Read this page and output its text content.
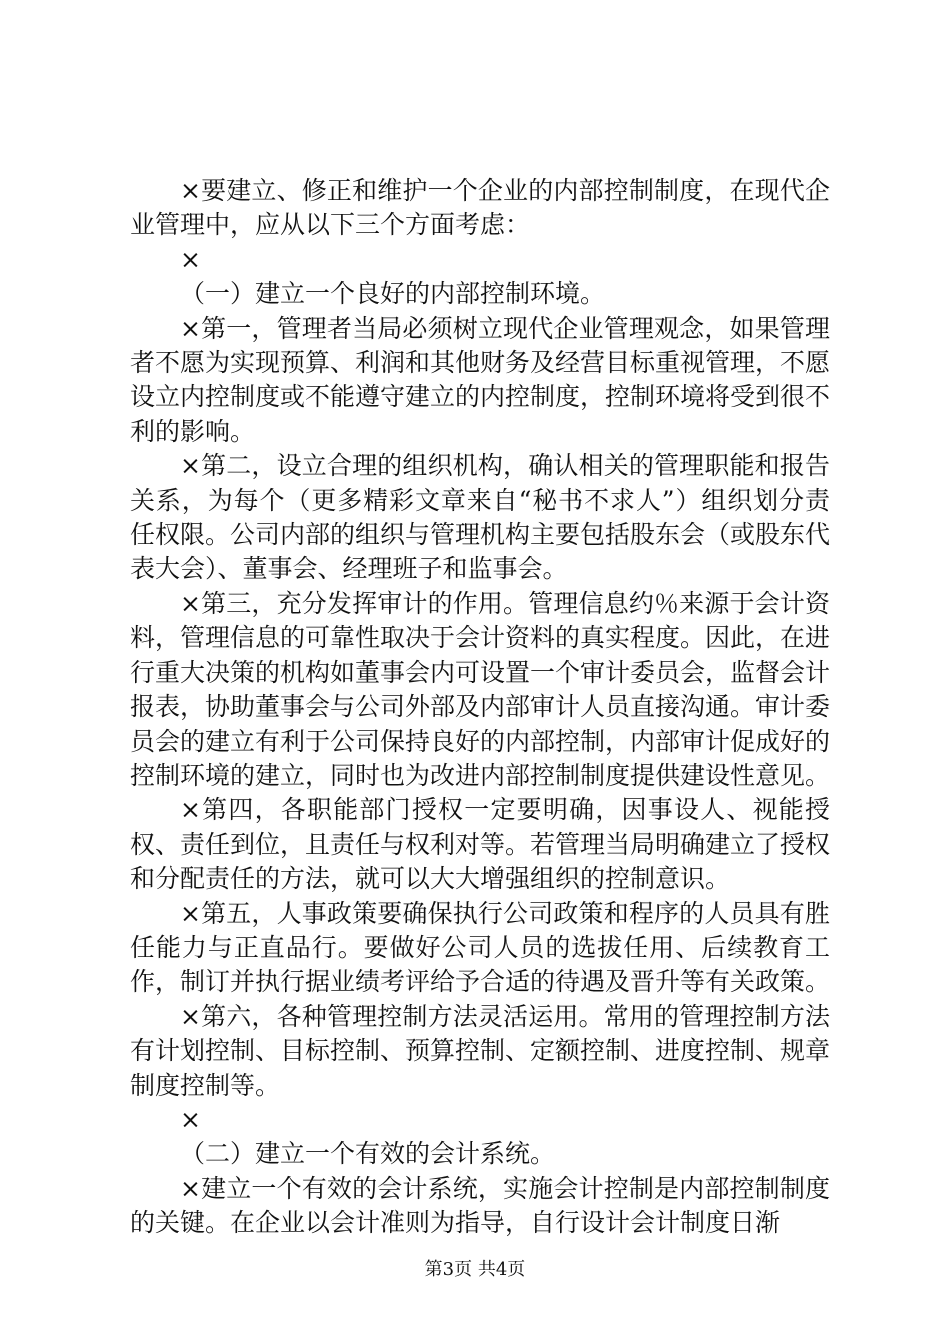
×要建立、修正和维护一个企业的内部控制制度，在现代企业管理中，应从以下三个方面考虑：

×

（一）建立一个良好的内部控制环境。

×第一，管理者当局必须树立现代企业管理观念，如果管理者不愿为实现预算、利润和其他财务及经营目标重视管理，不愿设立内控制度或不能遵守建立的内控制度，控制环境将受到很不利的影响。

×第二，设立合理的组织机构，确认相关的管理职能和报告关系，为每个（更多精彩文章来自“秘书不求人”）组织划分责任权限。公司内部的组织与管理机构主要包括股东会（或股东代表大会）、董事会、经理班子和监事会。

×第三，充分发挥审计的作用。管理信息约％来源于会计资料，管理信息的可靠性取决于会计资料的真实程度。因此，在进行重大决策的机构如董事会内可设置一个审计委员会，监督会计报表，协助董事会与公司外部及内部审计人员直接沟通。审计委员会的建立有利于公司保持良好的内部控制，内部审计促成好的控制环境的建立，同时也为改进内部控制制度提供建设性意见。

×第四，各职能部门授权一定要明确，因事设人、视能授权、责任到位，且责任与权利对等。若管理当局明确建立了授权和分配责任的方法，就可以大大增强组织的控制意识。

×第五，人事政策要确保执行公司政策和程序的人员具有胜任能力与正直品行。要做好公司人员的选拔任用、后续教育工作，制订并执行据业绩考评给予合适的待遇及晋升等有关政策。

×第六，各种管理控制方法灵活运用。常用的管理控制方法有计划控制、目标控制、预算控制、定额控制、进度控制、规章制度控制等。

×

（二）建立一个有效的会计系统。

×建立一个有效的会计系统，实施会计控制是内部控制制度的关键。在企业以会计准则为指导，自行设计会计制度日渐

第3页 共4页
